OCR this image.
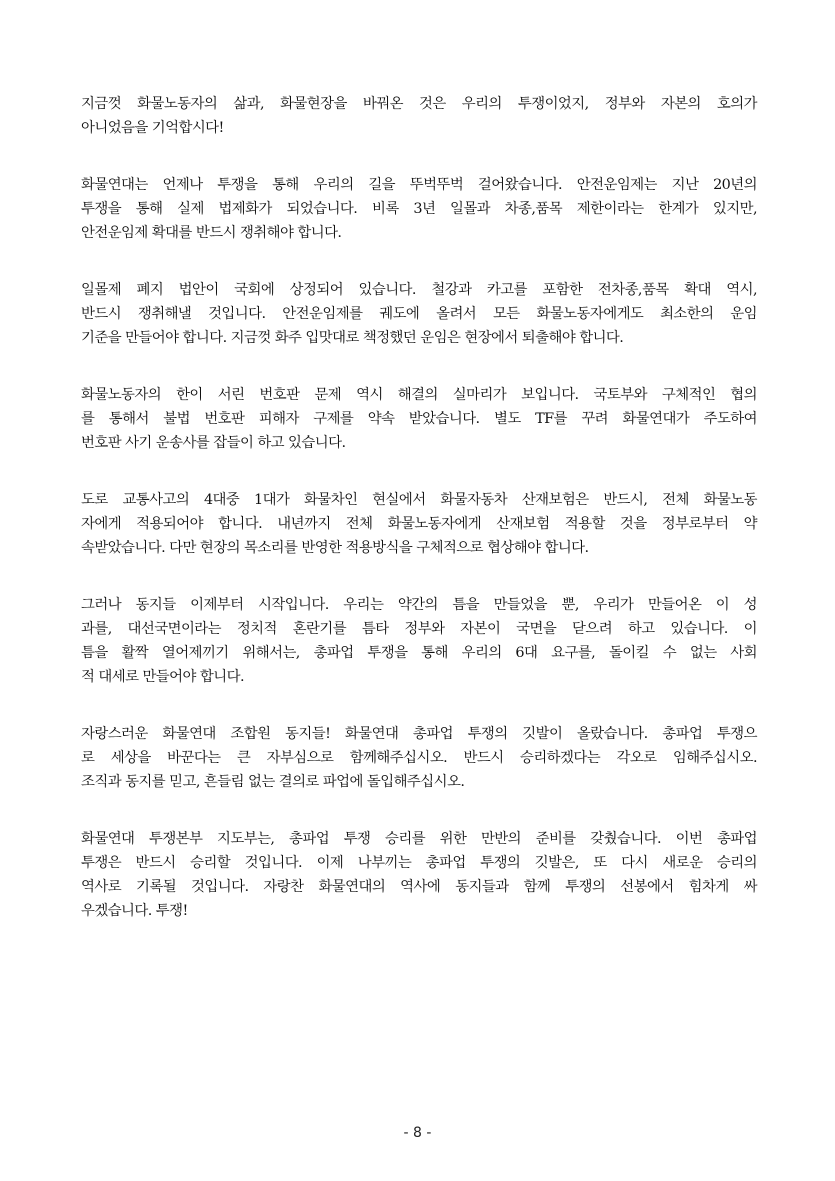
지금껏 화물노동자의 삶과, 화물현장을 바꿔온 것은 우리의 투쟁이었지, 정부와 자본의 호의가
아니었음을 기억합시다!
화물연대는 언제나 투쟁을 통해 우리의 길을 뚜벅뚜벅 걸어왔습니다. 안전운임제는 지난 20년의
투쟁을 통해 실제 법제화가 되었습니다. 비록 3년 일몰과 차종,품목 제한이라는 한계가 있지만,
안전운임제 확대를 반드시 쟁취해야 합니다.
일몰제 폐지 법안이 국회에 상정되어 있습니다. 철강과 카고를 포함한 전차종,품목 확대 역시,
반드시 쟁취해낼 것입니다. 안전운임제를 궤도에 올려서 모든 화물노동자에게도 최소한의 운임
기준을 만들어야 합니다. 지금껏 화주 입맛대로 책정했던 운임은 현장에서 퇴출해야 합니다.
화물노동자의 한이 서린 번호판 문제 역시 해결의 실마리가 보입니다. 국토부와 구체적인 협의
를 통해서 불법 번호판 피해자 구제를 약속 받았습니다. 별도 TF를 꾸려 화물연대가 주도하여
번호판 사기 운송사를 잡들이 하고 있습니다.
도로 교통사고의 4대중 1대가 화물차인 현실에서 화물자동차 산재보험은 반드시, 전체 화물노동
자에게 적용되어야 합니다. 내년까지 전체 화물노동자에게 산재보험 적용할 것을 정부로부터 약
속받았습니다. 다만 현장의 목소리를 반영한 적용방식을 구체적으로 협상해야 합니다.
그러나 동지들 이제부터 시작입니다. 우리는 약간의 틈을 만들었을 뿐, 우리가 만들어온 이 성
과를, 대선국면이라는 정치적 혼란기를 틈타 정부와 자본이 국면을 닫으려 하고 있습니다. 이
틈을 활짝 열어제끼기 위해서는, 총파업 투쟁을 통해 우리의 6대 요구를, 돌이킬 수 없는 사회
적 대세로 만들어야 합니다.
자랑스러운 화물연대 조합원 동지들! 화물연대 총파업 투쟁의 깃발이 올랐습니다. 총파업 투쟁으
로 세상을 바꾼다는 큰 자부심으로 함께해주십시오. 반드시 승리하겠다는 각오로 임해주십시오.
조직과 동지를 믿고, 흔들림 없는 결의로 파업에 돌입해주십시오.
화물연대 투쟁본부 지도부는, 총파업 투쟁 승리를 위한 만반의 준비를 갖췄습니다. 이번 총파업
투쟁은 반드시 승리할 것입니다. 이제 나부끼는 총파업 투쟁의 깃발은, 또 다시 새로운 승리의
역사로 기록될 것입니다. 자랑찬 화물연대의 역사에 동지들과 함께 투쟁의 선봉에서 힘차게 싸
우겠습니다. 투쟁!
- 8 -
